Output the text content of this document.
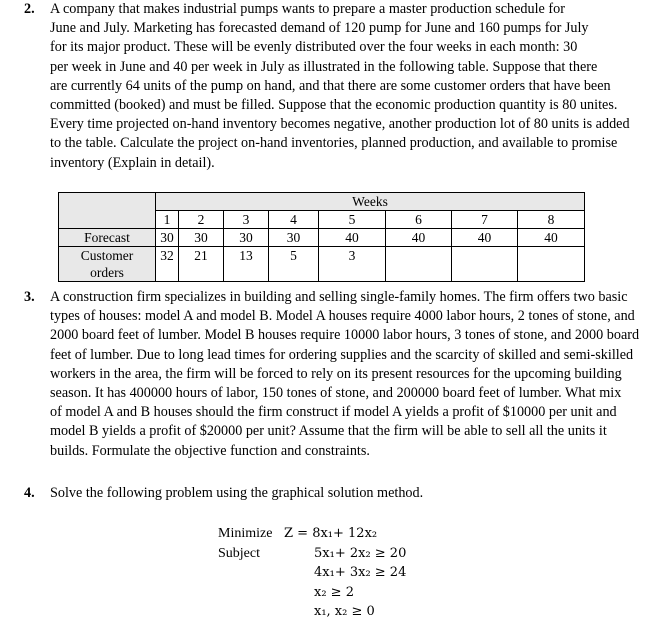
2. A company that makes industrial pumps wants to prepare a master production schedule for
June and July. Marketing has forecasted demand of 120 pump for June and 160 pumps for July
for its major product. These will be evenly distributed over the four weeks in each month: 30
per week in June and 40 per week in July as illustrated in the following table. Suppose that there
are currently 64 units of the pump on hand, and that there are some customer orders that have been
committed (booked) and must be filled. Suppose that the economic production quantity is 80 unites.
Every time projected on-hand inventory becomes negative, another production lot of 80 units is added
to the table. Calculate the project on-hand inventories, planned production, and available to promise
inventory (Explain in detail).
	Weeks							
	1	2	3	4	5	6	7	8
Forecast	30	30	30	30	40	40	40	40

Customer
orders	32	21	13	5	3			
3. A construction firm specializes in building and selling single-family homes. The firm offers two basic
types of houses: model A and model B. Model A houses require 4000 labor hours, 2 tones of stone, and
2000 board feet of lumber. Model B houses require 10000 labor hours, 3 tones of stone, and 2000 board
feet of lumber. Due to long lead times for ordering supplies and the scarcity of skilled and semi-skilled
workers in the area, the firm will be forced to rely on its present resources for the upcoming building
season. It has 400000 hours of labor, 150 tones of stone, and 200000 board feet of lumber. What mix
of model A and B houses should the firm construct if model A yields a profit of $10000 per unit and
model B yields a profit of $20000 per unit? Assume that the firm will be able to sell all the units it
builds. Formulate the objective function and constraints.
4. Solve the following problem using the graphical solution method.
Minimize Z = 8x₁+ 12x₂
Subject	5x₁+ 2x₂ ≥ 20
4x₁+ 3x₂ ≥ 24
x₂ ≥ 2
x₁, x₂ ≥ 0
